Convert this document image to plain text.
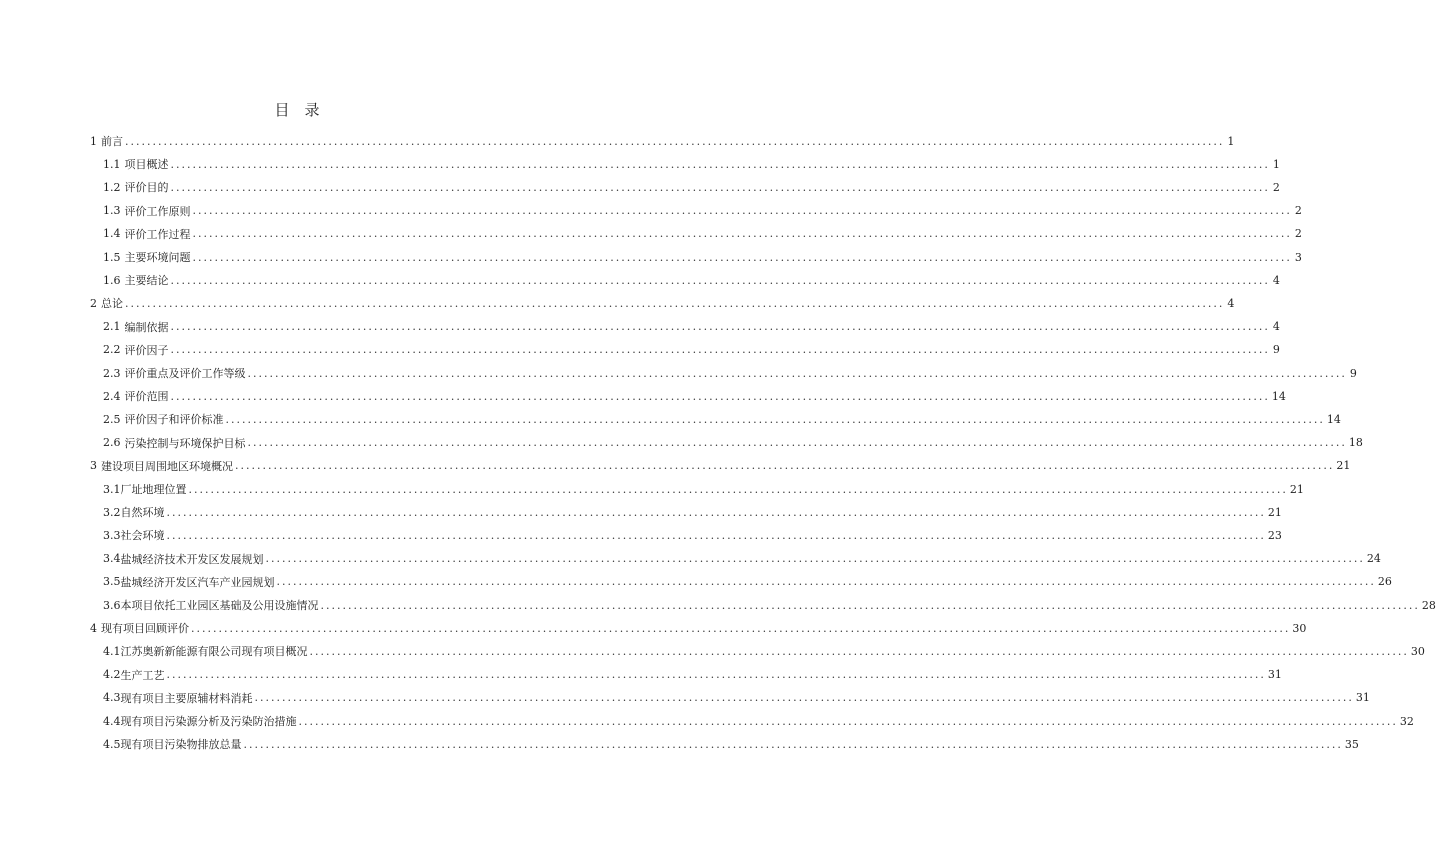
目 录
1 前言 ........................................................................................................................................................................................................ 1
1.1 项目概述 ........................................................................................................................................................................................................ 1
1.2 评价目的 ........................................................................................................................................................................................................ 2
1.3 评价工作原则 ........................................................................................................................................................................................................ 2
1.4 评价工作过程 ........................................................................................................................................................................................................ 2
1.5 主要环境问题 ........................................................................................................................................................................................................ 3
1.6 主要结论 ........................................................................................................................................................................................................ 4
2 总论 ........................................................................................................................................................................................................ 4
2.1 编制依据 ........................................................................................................................................................................................................ 4
2.2 评价因子 ........................................................................................................................................................................................................ 9
2.3 评价重点及评价工作等级 ........................................................................................................................................................................................................ 9
2.4 评价范围 ........................................................................................................................................................................................................ 14
2.5 评价因子和评价标准 ........................................................................................................................................................................................................ 14
2.6 污染控制与环境保护目标 ........................................................................................................................................................................................................ 18
3 建设项目周围地区环境概况 ........................................................................................................................................................................................................ 21
3.1 厂址地理位置 ........................................................................................................................................................................................................ 21
3.2 自然环境 ........................................................................................................................................................................................................ 21
3.3 社会环境 ........................................................................................................................................................................................................ 23
3.4 盐城经济技术开发区发展规划 ........................................................................................................................................................................................................ 24
3.5 盐城经济开发区汽车产业园规划 ........................................................................................................................................................................................................ 26
3.6 本项目依托工业园区基础及公用设施情况 ........................................................................................................................................................................................................ 28
4 现有项目回顾评价 ........................................................................................................................................................................................................ 30
4.1 江苏奥新新能源有限公司现有项目概况 ........................................................................................................................................................................................................ 30
4.2 生产工艺 ........................................................................................................................................................................................................ 31
4.3 现有项目主要原辅材料消耗 ........................................................................................................................................................................................................ 31
4.4 现有项目污染源分析及污染防治措施 ........................................................................................................................................................................................................ 32
4.5 现有项目污染物排放总量 ........................................................................................................................................................................................................ 35
